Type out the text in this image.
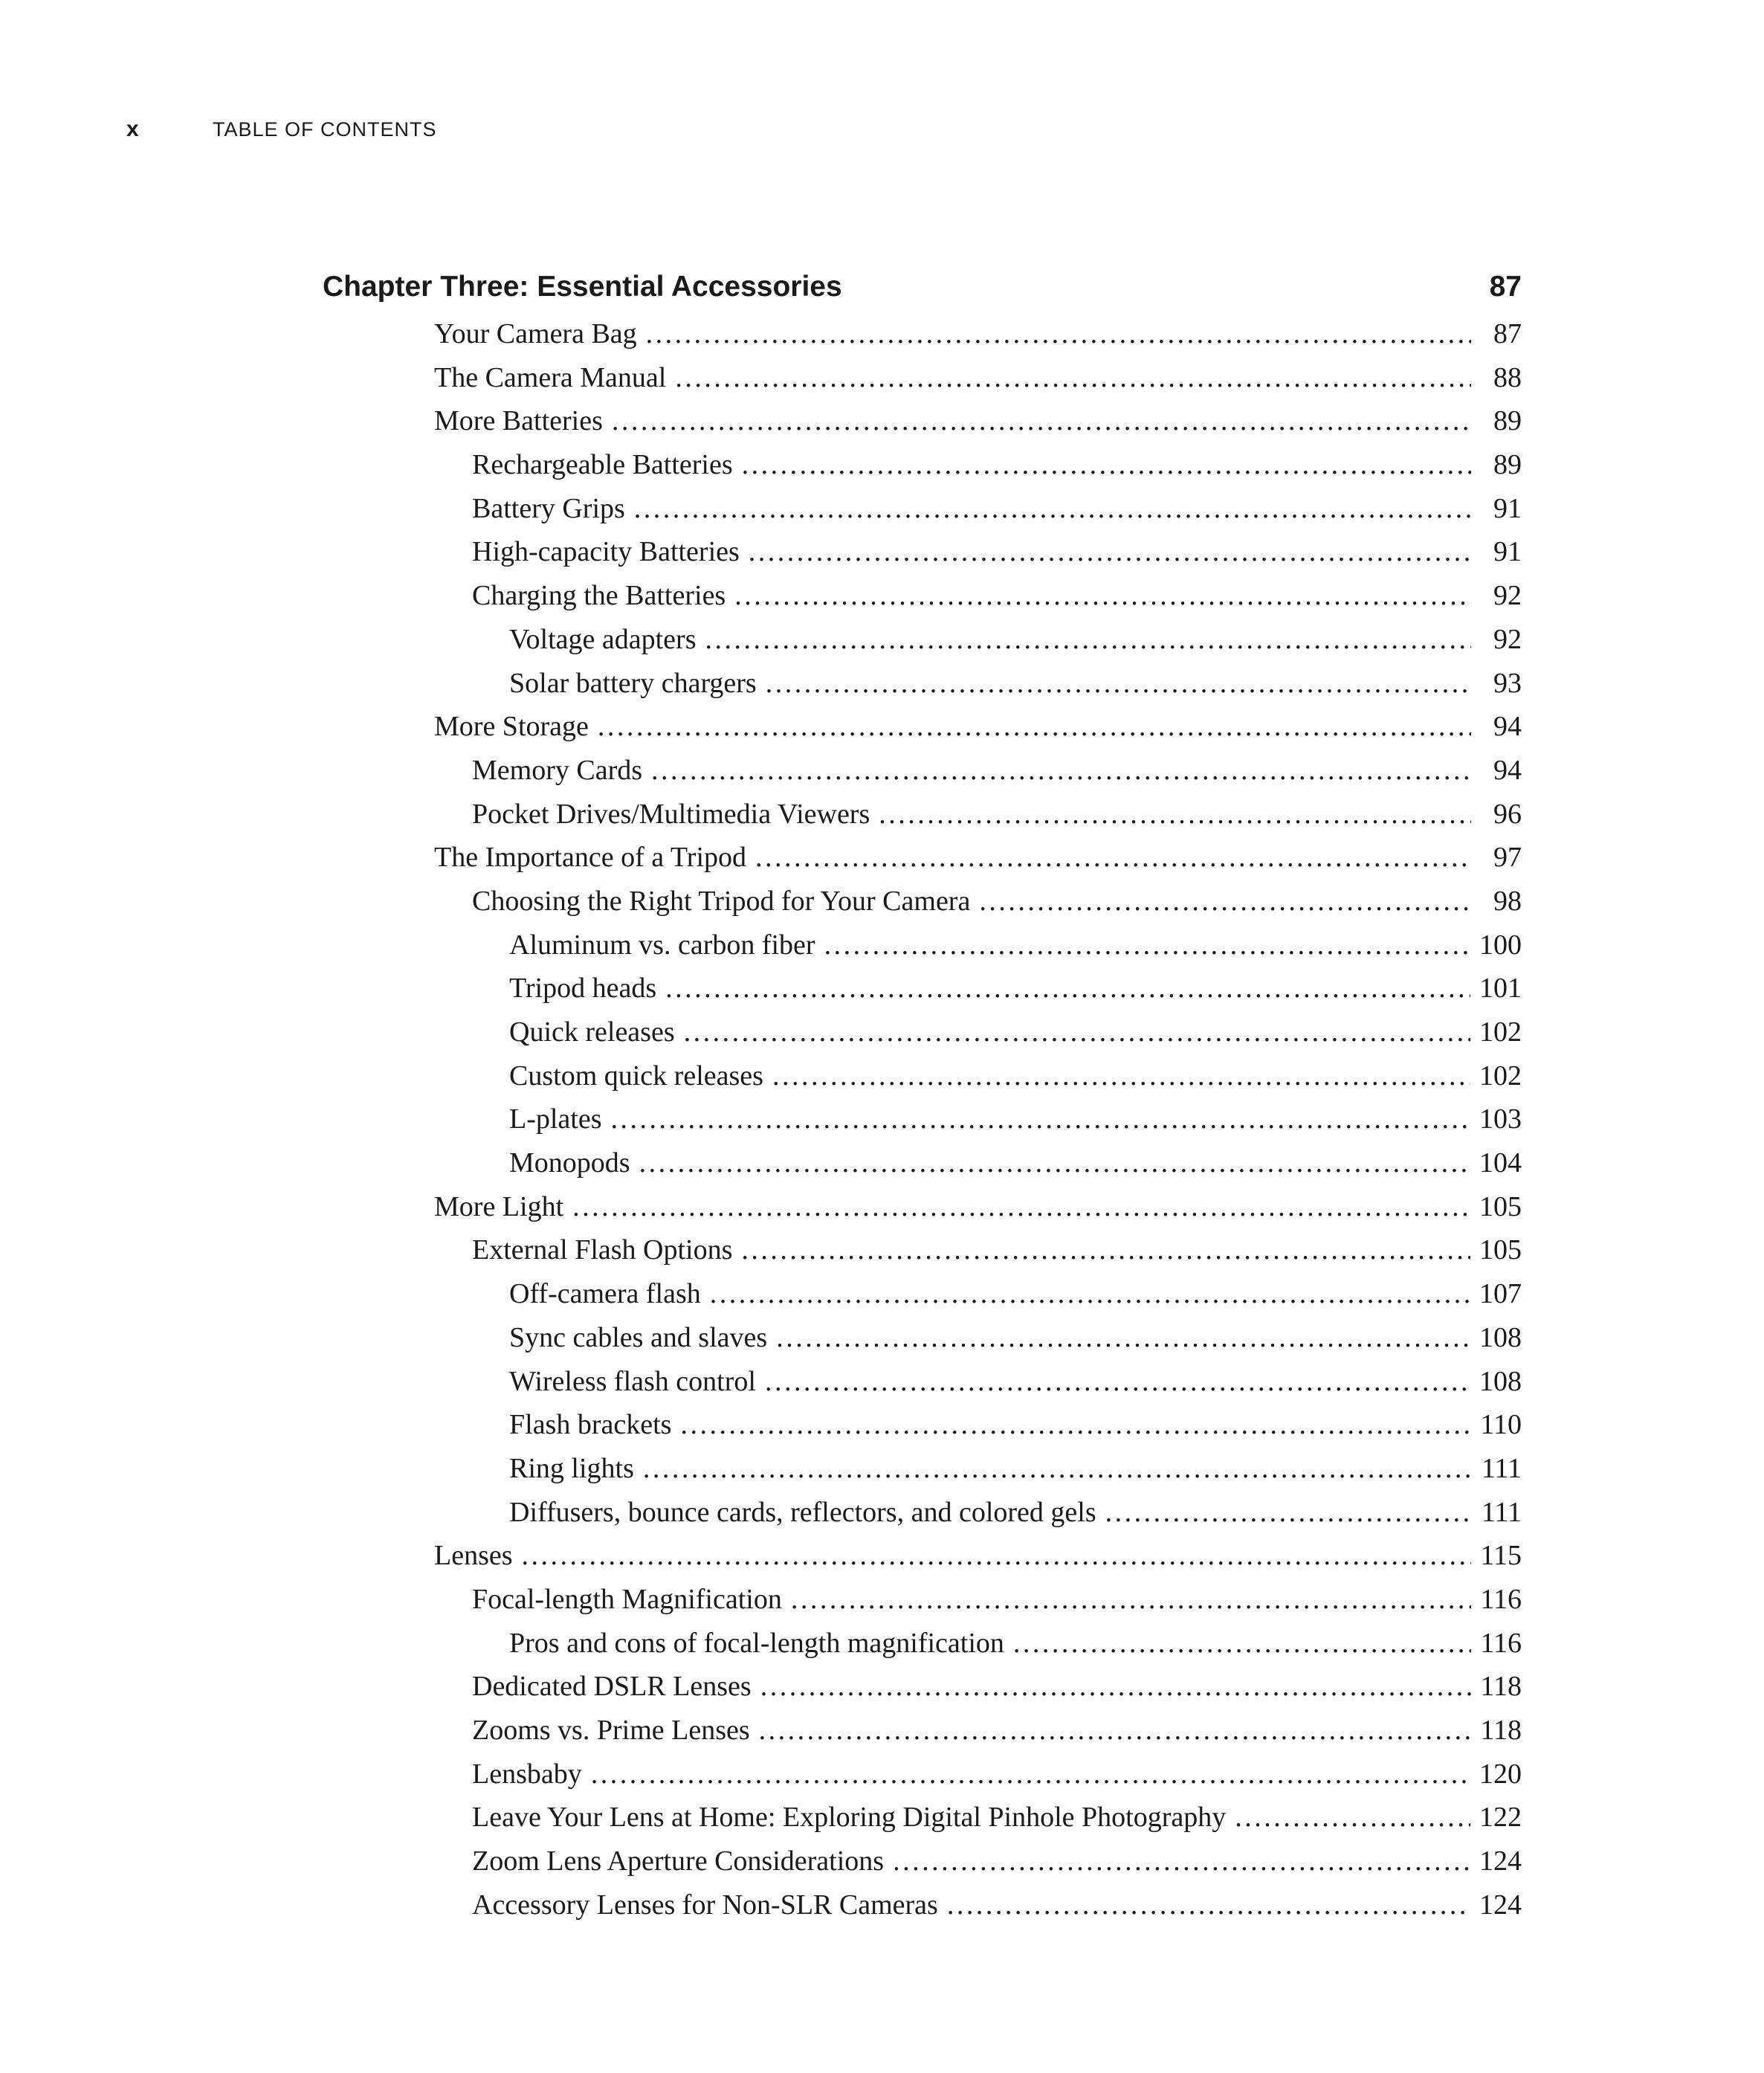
x	TABLE OF CONTENTS
Chapter Three: Essential Accessories	87
Your Camera Bag . . .	87
The Camera Manual . . .	88
More Batteries . . .	89
Rechargeable Batteries . . .	89
Battery Grips . . .	91
High-capacity Batteries . . .	91
Charging the Batteries . . .	92
Voltage adapters . . .	92
Solar battery chargers . . .	93
More Storage . . .	94
Memory Cards . . .	94
Pocket Drives/Multimedia Viewers . . .	96
The Importance of a Tripod . . .	97
Choosing the Right Tripod for Your Camera . . .	98
Aluminum vs. carbon fiber . . .	100
Tripod heads . . .	101
Quick releases . . .	102
Custom quick releases . . .	102
L-plates . . .	103
Monopods . . .	104
More Light . . .	105
External Flash Options . . .	105
Off-camera flash . . .	107
Sync cables and slaves . . .	108
Wireless flash control . . .	108
Flash brackets . . .	110
Ring lights . . .	111
Diffusers, bounce cards, reflectors, and colored gels . . .	111
Lenses . . .	115
Focal-length Magnification . . .	116
Pros and cons of focal-length magnification . . .	116
Dedicated DSLR Lenses . . .	118
Zooms vs. Prime Lenses . . .	118
Lensbaby . . .	120
Leave Your Lens at Home: Exploring Digital Pinhole Photography . . .	122
Zoom Lens Aperture Considerations . . .	124
Accessory Lenses for Non-SLR Cameras . . .	124
